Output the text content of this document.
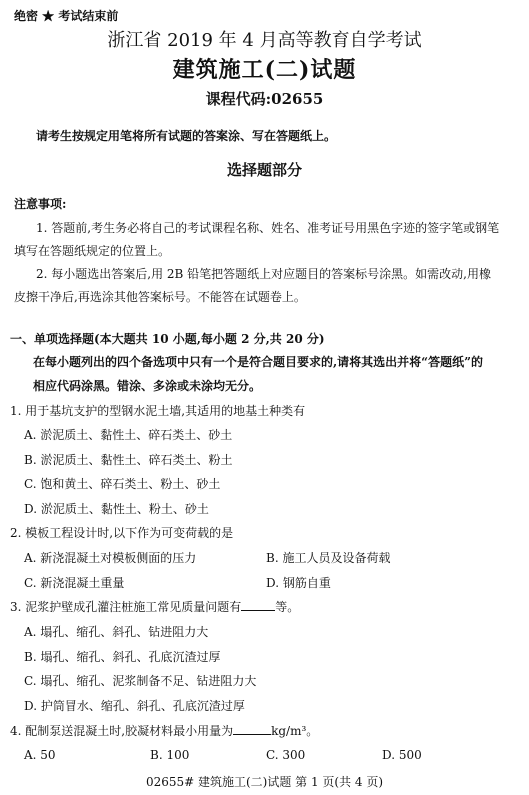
绝密 ★ 考试结束前
浙江省 2019 年 4 月高等教育自学考试
建筑施工(二)试题
课程代码:02655
请考生按规定用笔将所有试题的答案涂、写在答题纸上。
选择题部分
注意事项:
1. 答题前,考生务必将自己的考试课程名称、姓名、准考证号用黑色字迹的签字笔或钢笔
填写在答题纸规定的位置上。
2. 每小题选出答案后,用 2B 铅笔把答题纸上对应题目的答案标号涂黑。如需改动,用橡
皮擦干净后,再选涂其他答案标号。不能答在试题卷上。
一、单项选择题(本大题共 10 小题,每小题 2 分,共 20 分)
在每小题列出的四个备选项中只有一个是符合题目要求的,请将其选出并将“答题纸”的
相应代码涂黑。错涂、多涂或未涂均无分。
1. 用于基坑支护的型钢水泥土墙,其适用的地基土种类有
A. 淤泥质土、黏性土、碎石类土、砂土
B. 淤泥质土、黏性土、碎石类土、粉土
C. 饱和黄土、碎石类土、粉土、砂土
D. 淤泥质土、黏性土、粉土、砂土
2. 模板工程设计时,以下作为可变荷载的是
A. 新浇混凝土对模板侧面的压力	B. 施工人员及设备荷载
C. 新浇混凝土重量	D. 钢筋自重
3. 泥浆护壁成孔灌注桩施工常见质量问题有	等。
A. 塌孔、缩孔、斜孔、钻进阻力大
B. 塌孔、缩孔、斜孔、孔底沉渣过厚
C. 塌孔、缩孔、泥浆制备不足、钻进阻力大
D. 护筒冒水、缩孔、斜孔、孔底沉渣过厚
4. 配制泵送混凝土时,胶凝材料最小用量为	kg/m³。
A. 50	B. 100	C. 300	D. 500
02655# 建筑施工(二)试题 第 1 页(共 4 页)
